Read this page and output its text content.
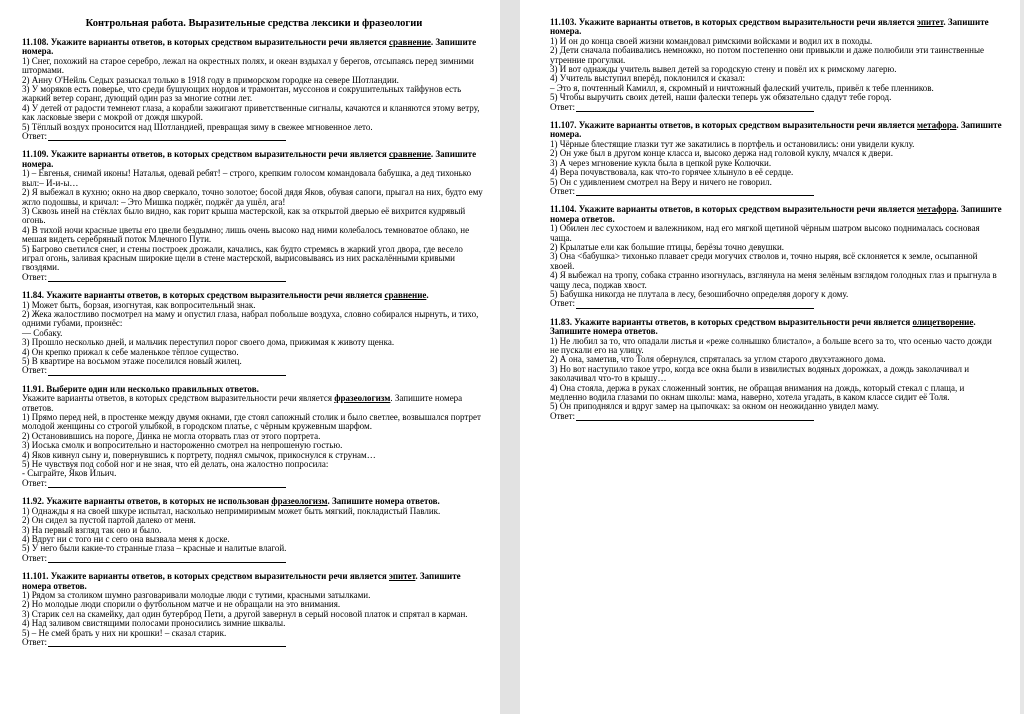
Контрольная работа. Выразительные средства лексики и фразеологии
11.108. Укажите варианты ответов, в которых средством выразительности речи является сравнение. Запишите номера.
1) Снег, похожий на старое серебро, лежал на окрестных полях, и океан вздыхал у берегов, отсыпаясь перед зимними штормами.
2) Анну О'Нейль Седых разыскал только в 1918 году в приморском городке на севере Шотландии.
3) У моряков есть поверье, что среди бушующих нордов и трамонтан, муссонов и сокрушительных тайфунов есть жаркий ветер соранг, дующий один раз за многие сотни лет.
4) У детей от радости темнеют глаза, а корабли зажигают приветственные сигналы, качаются и кланяются этому ветру, как ласковые звери с мокрой от дождя шкурой.
5) Тёплый воздух проносится над Шотландией, превращая зиму в свежее мгновенное лето.
Ответ:
11.109. Укажите варианты ответов, в которых средством выразительности речи является сравнение. Запишите номера.
1) – Евгенья, снимай иконы! Наталья, одевай ребят! – строго, крепким голосом командовала бабушка, а дед тихонько выл:– И-и-ы…
2) Я выбежал в кухню; окно на двор сверкало, точно золотое; босой дядя Яков, обувая сапоги, прыгал на них, будто ему жгло подошвы, и кричал: – Это Мишка поджёг, поджёг да ушёл, ага!
3) Сквозь иней на стёклах было видно, как горит крыша мастерской, как за открытой дверью её вихрится кудрявый огонь.
4) В тихой ночи красные цветы его цвели бездымно; лишь очень высоко над ними колебалось темноватое облако, не мешая видеть серебряный поток Млечного Пути.
5) Багрово светился снег, и стены построек дрожали, качались, как будто стремясь в жаркий угол двора, где весело играл огонь, заливая красным широкие щели в стене мастерской, вырисовываясь из них раскалёнными кривыми гвоздями.
Ответ:
11.84. Укажите варианты ответов, в которых средством выразительности речи является сравнение.
1) Может быть, борзая, изогнутая, как вопросительный знак.
2) Жека жалостливо посмотрел на маму и опустил глаза, набрал побольше воздуха, словно собирался нырнуть, и тихо, одними губами, произнёс:
— Собаку.
3) Прошло несколько дней, и мальчик переступил порог своего дома, прижимая к животу щенка.
4) Он крепко прижал к себе маленькое тёплое существо.
5) В квартире на восьмом этаже поселился новый жилец.
Ответ:
11.91. Выберите один или несколько правильных ответов.
Укажите варианты ответов, в которых средством выразительности речи является фразеологизм. Запишите номера ответов.
1) Прямо перед ней, в простенке между двумя окнами, где стоял сапожный столик и было светлее, возвышался портрет молодой женщины со строгой улыбкой, в городском платье, с чёрным кружевным шарфом.
2) Остановившись на пороге, Динка не могла оторвать глаз от этого портрета.
3) Иоська смолк и вопросительно и настороженно смотрел на непрошеную гостью.
4) Яков кивнул сыну и, повернувшись к портрету, поднял смычок, прикоснулся к струнам…
5) Не чувствуя под собой ног и не зная, что ей делать, она жалостно попросила:
- Сыграйте, Яков Ильич.
Ответ:
11.92. Укажите варианты ответов, в которых не использован фразеологизм. Запишите номера ответов.
1) Однажды я на своей шкуре испытал, насколько непримиримым может быть мягкий, покладистый Павлик.
2) Он сидел за пустой партой далеко от меня.
3) На первый взгляд так оно и было.
4) Вдруг ни с того ни с сего она вызвала меня к доске.
5) У него были какие-то странные глаза – красные и налитые влагой.
Ответ:
11.101. Укажите варианты ответов, в которых средством выразительности речи является эпитет. Запишите номера ответов.
1) Рядом за столиком шумно разговаривали молодые люди с тутими, красными затылками.
2) Но молодые люди спорили о футбольном матче и не обращали на это внимания.
3) Старик сел на скамейку, дал один бутерброд Пети, а другой завернул в серый носовой платок и спрятал в карман.
4) Над заливом свистящими полосами проносились зимние шквалы.
5) – Не смей брать у них ни крошки! – сказал старик.
Ответ:
11.103. Укажите варианты ответов, в которых средством выразительности речи является эпитет. Запишите номера.
1) И он до конца своей жизни командовал римскими войсками и водил их в походы.
2) Дети сначала побаивались немножко, но потом постепенно они привыкли и даже полюбили эти таинственные утренние прогулки.
3) И вот однажды учитель вывел детей за городскую стену и повёл их к римскому лагерю.
4) Учитель выступил вперёд, поклонился и сказал:
– Это я, почтенный Камилл, я, скромный и ничтожный фалеский учитель, привёл к тебе пленников.
5) Чтобы выручить своих детей, наши фалески теперь уж обязательно сдадут тебе город.
Ответ:
11.107. Укажите варианты ответов, в которых средством выразительности речи является метафора. Запишите номера.
1) Чёрные блестящие глазки тут же закатились в портфель и остановились: они увидели куклу.
2) Он уже был в другом конце класса и, высоко держа над головой куклу, мчался к двери.
3) А через мгновение кукла была в цепкой руке Колючки.
4) Вера почувствовала, как что-то горячее хлынуло в её сердце.
5) Он с удивлением смотрел на Веру и ничего не говорил.
Ответ:
11.104. Укажите варианты ответов, в которых средством выразительности речи является метафора. Запишите номера ответов.
1) Обилен лес сухостоем и валежником, над его мягкой щетиной чёрным шатром высоко поднималась сосновая чаща.
2) Крылатые ели как большие птицы, берёзы точно девушки.
3) Она <бабушка> тихонько плавает среди могучих стволов и, точно ныряя, всё склоняется к земле, осыпанной хвоей.
4) Я выбежал на тропу, собака странно изогнулась, взглянула на меня зелёным взглядом голодных глаз и прыгнула в чащу леса, поджав хвост.
5) Бабушка никогда не плутала в лесу, безошибочно определяя дорогу к дому.
Ответ:
11.83. Укажите варианты ответов, в которых средством выразительности речи является олицетворение. Запишите номера ответов.
1) Не любил за то, что опадали листья и «реже солнышко блистало», а больше всего за то, что осенью часто дожди не пускали его на улицу.
2) А она, заметив, что Толя обернулся, спряталась за углом старого двухэтажного дома.
3) Но вот наступило такое утро, когда все окна были в извилистых водяных дорожках, а дождь заколачивал и заколачивал что-то в крышу…
4) Она стояла, держа в руках сложенный зонтик, не обращая внимания на дождь, который стекал с плаща, и медленно водила глазами по окнам школы: мама, наверно, хотела угадать, в каком классе сидит её Толя.
5) Он приподнялся и вдруг замер на цыпочках: за окном он неожиданно увидел маму.
Ответ:
